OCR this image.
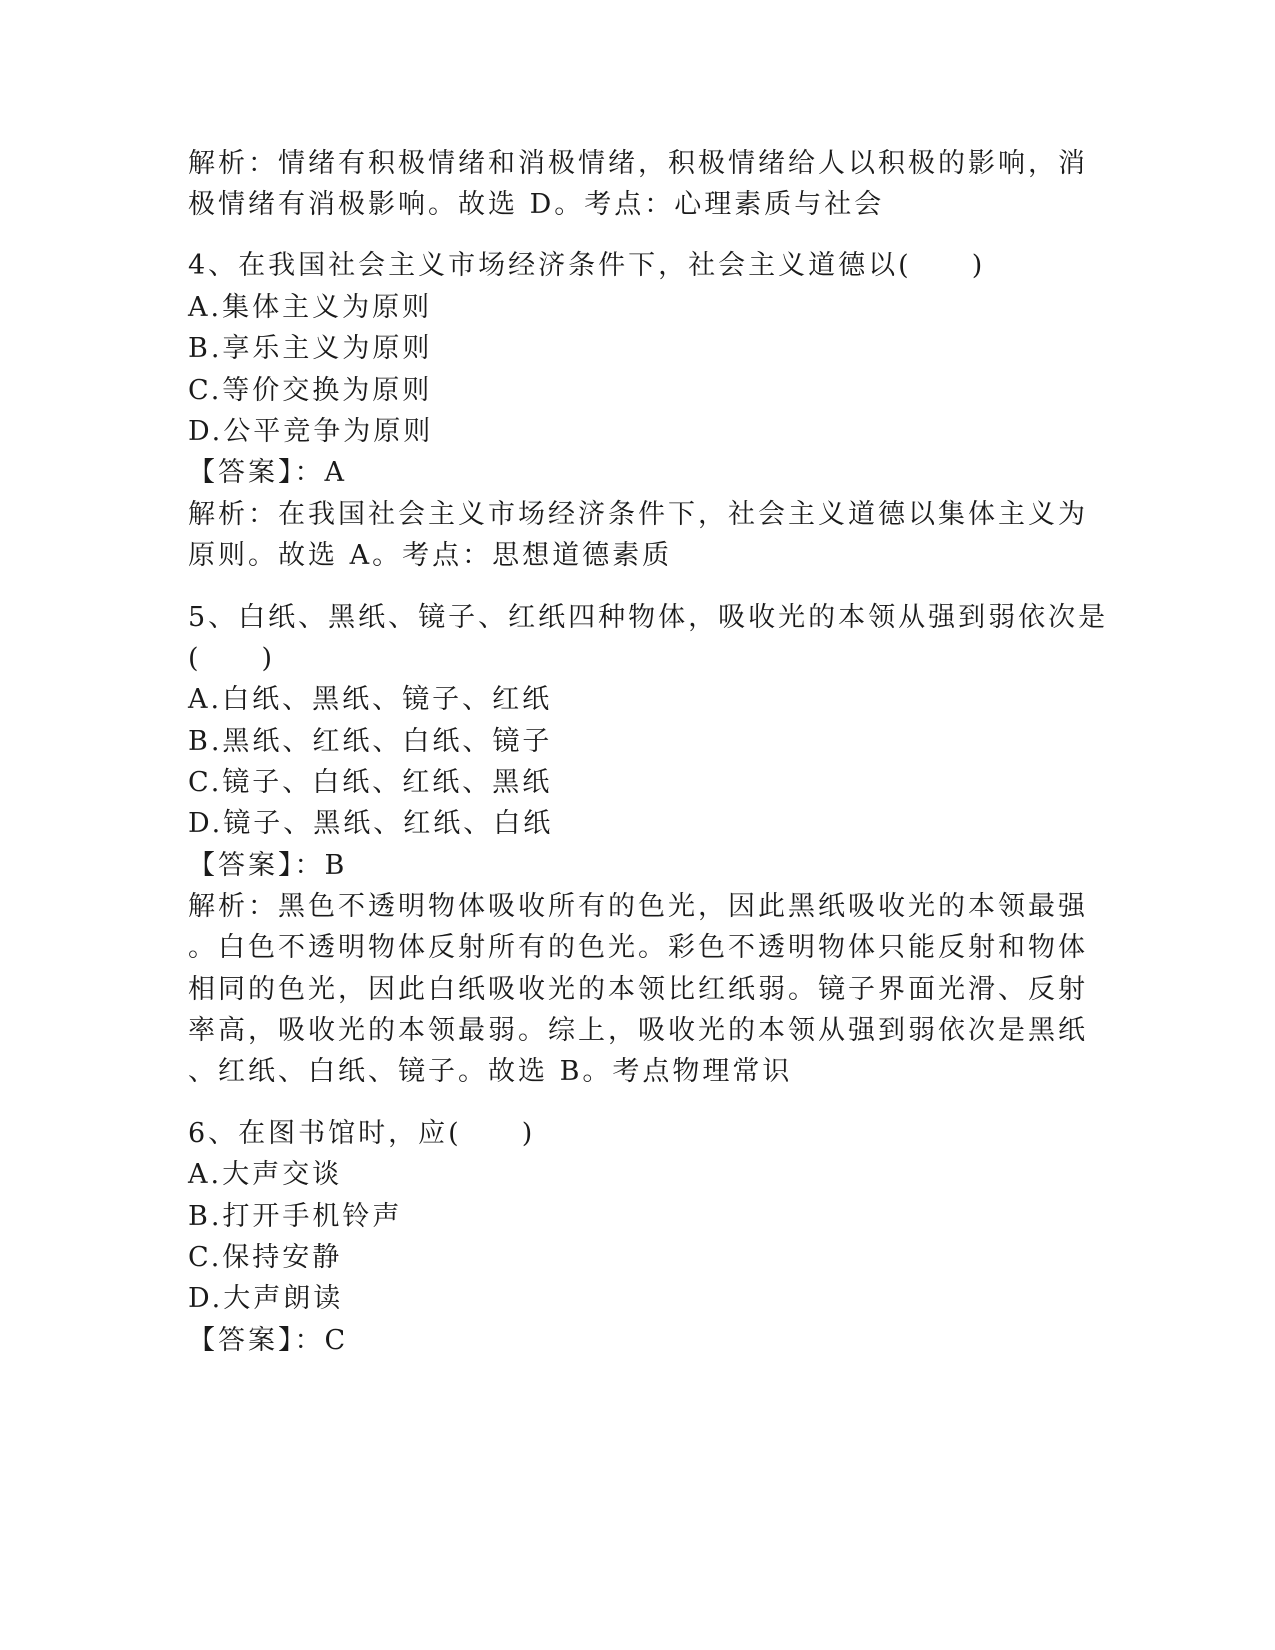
解析：情绪有积极情绪和消极情绪，积极情绪给人以积极的影响，消
极情绪有消极影响。故选 D。考点：心理素质与社会
4、在我国社会主义市场经济条件下，社会主义道德以(　　)
A.集体主义为原则
B.享乐主义为原则
C.等价交换为原则
D.公平竞争为原则
【答案】：A
解析：在我国社会主义市场经济条件下，社会主义道德以集体主义为
原则。故选 A。考点：思想道德素质
5、白纸、黑纸、镜子、红纸四种物体，吸收光的本领从强到弱依次是
(　　)
A.白纸、黑纸、镜子、红纸
B.黑纸、红纸、白纸、镜子
C.镜子、白纸、红纸、黑纸
D.镜子、黑纸、红纸、白纸
【答案】：B
解析：黑色不透明物体吸收所有的色光，因此黑纸吸收光的本领最强
。白色不透明物体反射所有的色光。彩色不透明物体只能反射和物体
相同的色光，因此白纸吸收光的本领比红纸弱。镜子界面光滑、反射
率高，吸收光的本领最弱。综上，吸收光的本领从强到弱依次是黑纸
、红纸、白纸、镜子。故选 B。考点物理常识
6、在图书馆时，应(　　)
A.大声交谈
B.打开手机铃声
C.保持安静
D.大声朗读
【答案】：C
